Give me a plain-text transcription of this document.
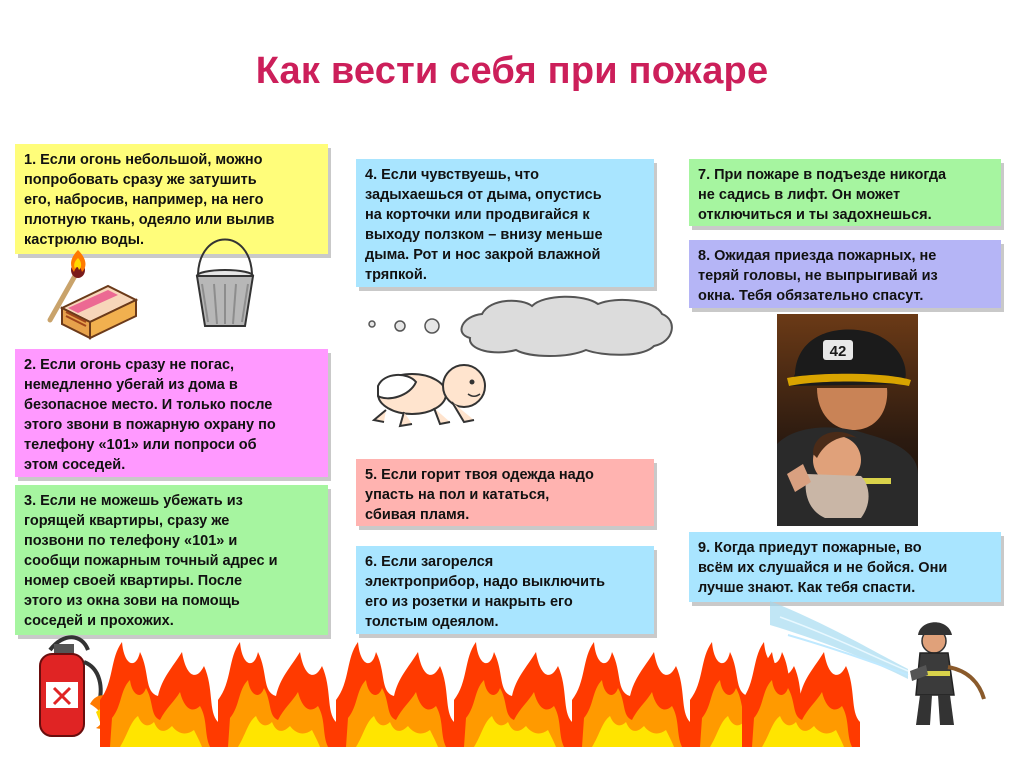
Как вести себя при пожаре
1. Если огонь небольшой, можно
попробовать сразу же затушить
его, набросив, например, на него
плотную ткань, одеяло или вылив
кастрюлю воды.
2. Если огонь сразу не погас,
немедленно убегай из дома в
безопасное место. И только после
этого звони в пожарную охрану по
телефону «101» или попроси об
этом соседей.
3. Если не можешь убежать из
горящей квартиры, сразу же
позвони по телефону «101» и
сообщи пожарным точный адрес и
номер своей квартиры. После
этого из окна зови на помощь
соседей и прохожих.
4. Если чувствуешь, что
задыхаешься от дыма, опустись
на корточки или продвигайся к
выходу ползком – внизу меньше
дыма. Рот и нос закрой влажной
тряпкой.
5. Если горит твоя одежда надо
упасть на пол и кататься,
сбивая пламя.
6. Если загорелся
электроприбор, надо выключить
его из розетки и накрыть его
толстым одеялом.
7. При пожаре в подъезде никогда
не садись в лифт. Он может
отключиться и ты задохнешься.
8. Ожидая приезда пожарных, не
теряй головы, не выпрыгивай из
окна. Тебя обязательно спасут.
9. Когда приедут пожарные, во
всём их слушайся и не бойся. Они
лучше знают. Как тебя спасти.
42
